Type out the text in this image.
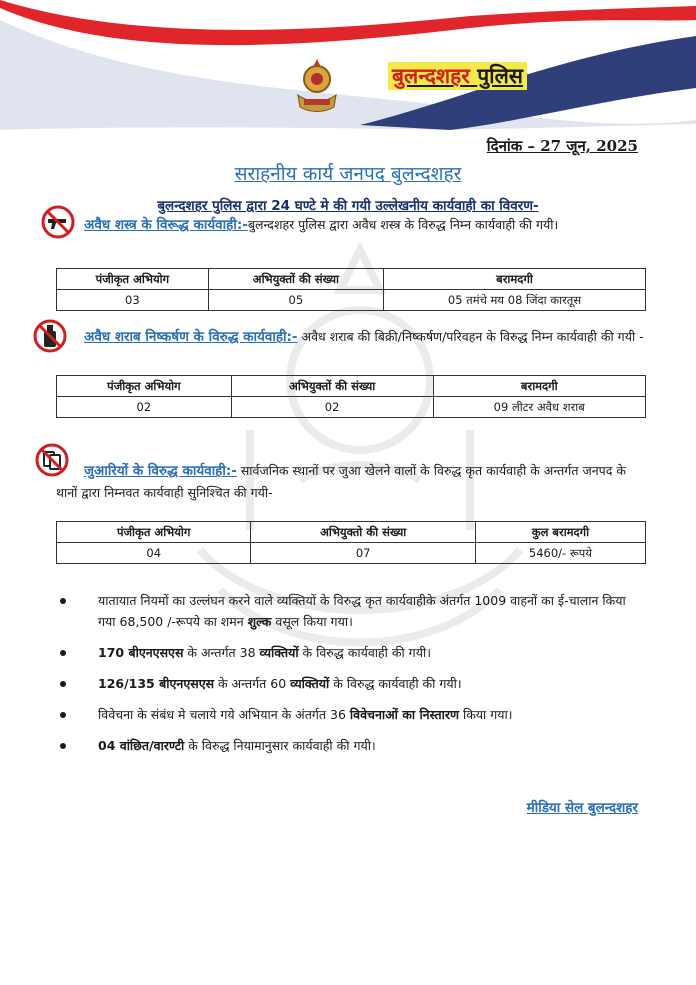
बुलन्दशहर पुलिस
दिनांक – 27 जून, 2025
सराहनीय कार्य जनपद बुलन्दशहर
बुलन्दशहर पुलिस द्वारा 24 घण्टे मे की गयी उल्लेखनीय कार्यवाही का विवरण-
अवैध शस्त्र के विरूद्ध कार्यवाही:-बुलन्दशहर पुलिस द्वारा अवैध शस्त्र के विरुद्ध निम्न कार्यवाही की गयी।
पंजीकृत अभियोग	अभियुक्तों की संख्या	बरामदगी
03	05	05 तमंचे मय 08 जिंदा कारतूस
अवैध शराब निष्कर्षण के विरुद्ध कार्यवाही:- अवैध शराब की बिक्री/निष्कर्षण/परिवहन के विरुद्ध निम्न कार्यवाही की गयी -
पंजीकृत अभियोग	अभियुक्तों की संख्या	बरामदगी
02	02	09 लीटर अवैध शराब
जुआरियों के विरुद्ध कार्यवाही:- सार्वजनिक स्थानों पर जुआ खेलने वालों के विरुद्ध कृत कार्यवाही के अन्तर्गत जनपद के थानों द्वारा निम्नवत कार्यवाही सुनिश्चित की गयी-
पंजीकृत अभियोग	अभियुक्तो की संख्या	कुल बरामदगी
04	07	5460/- रूपये
यातायात नियमों का उल्लंघन करने वाले व्यक्तियों के विरुद्ध कृत कार्यवाहीके अंतर्गत 1009 वाहनों का ई-चालान किया गया 68,500 /-रूपये का शमन शुल्क वसूल किया गया।
170 बीएनएसएस के अन्तर्गत 38 व्यक्तियों के विरुद्ध कार्यवाही की गयी।
126/135 बीएनएसएस के अन्तर्गत 60 व्यक्तियों के विरुद्ध कार्यवाही की गयी।
विवेचना के संबंध मे चलाये गये अभियान के अंतर्गत 36 विवेचनाओं का निस्तारण किया गया।
04 वांछित/वारण्टी के विरुद्ध नियामानुसार कार्यवाही की गयी।
मीडिया सेल बुलन्दशहर
